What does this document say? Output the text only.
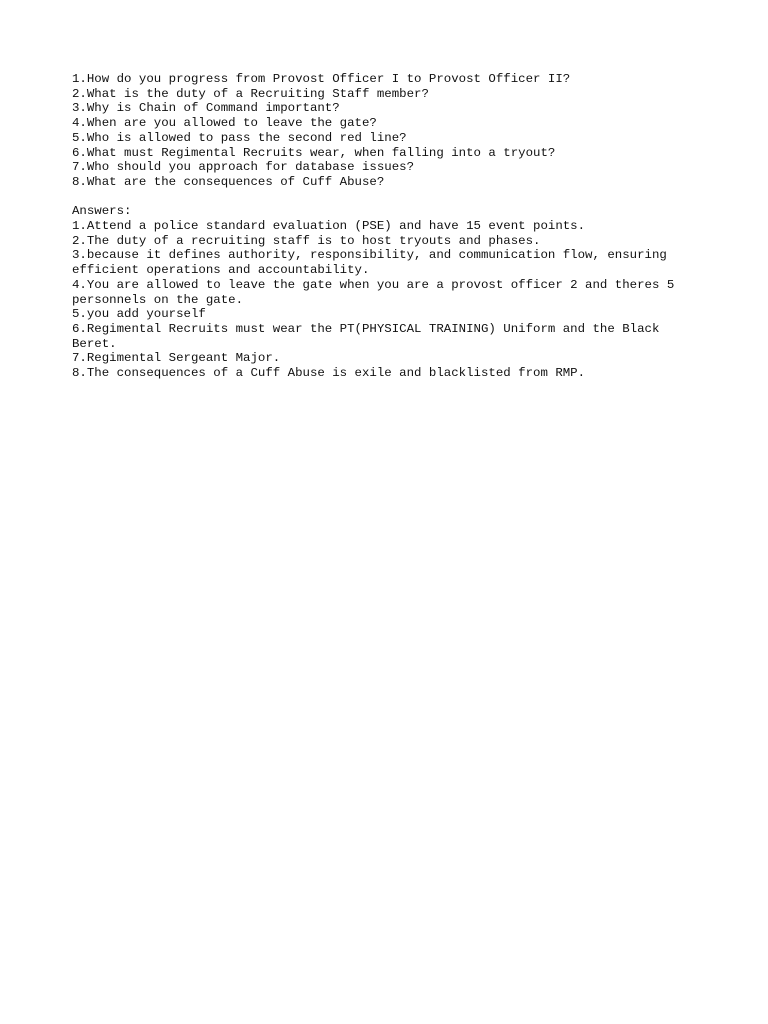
1.How do you progress from Provost Officer I to Provost Officer II?
2.What is the duty of a Recruiting Staff member?
3.Why is Chain of Command important?
4.When are you allowed to leave the gate?
5.Who is allowed to pass the second red line?
6.What must Regimental Recruits wear, when falling into a tryout?
7.Who should you approach for database issues?
8.What are the consequences of Cuff Abuse?
Answers:
1.Attend a police standard evaluation (PSE) and have 15 event points.
2.The duty of a recruiting staff is to host tryouts and phases.
3.because it defines authority, responsibility, and communication flow, ensuring efficient operations and accountability.
4.You are allowed to leave the gate when you are a provost officer 2 and theres 5 personnels on the gate.
5.you add yourself
6.Regimental Recruits must wear the PT(PHYSICAL TRAINING) Uniform and the Black Beret.
7.Regimental Sergeant Major.
8.The consequences of a Cuff Abuse is exile and blacklisted from RMP.
